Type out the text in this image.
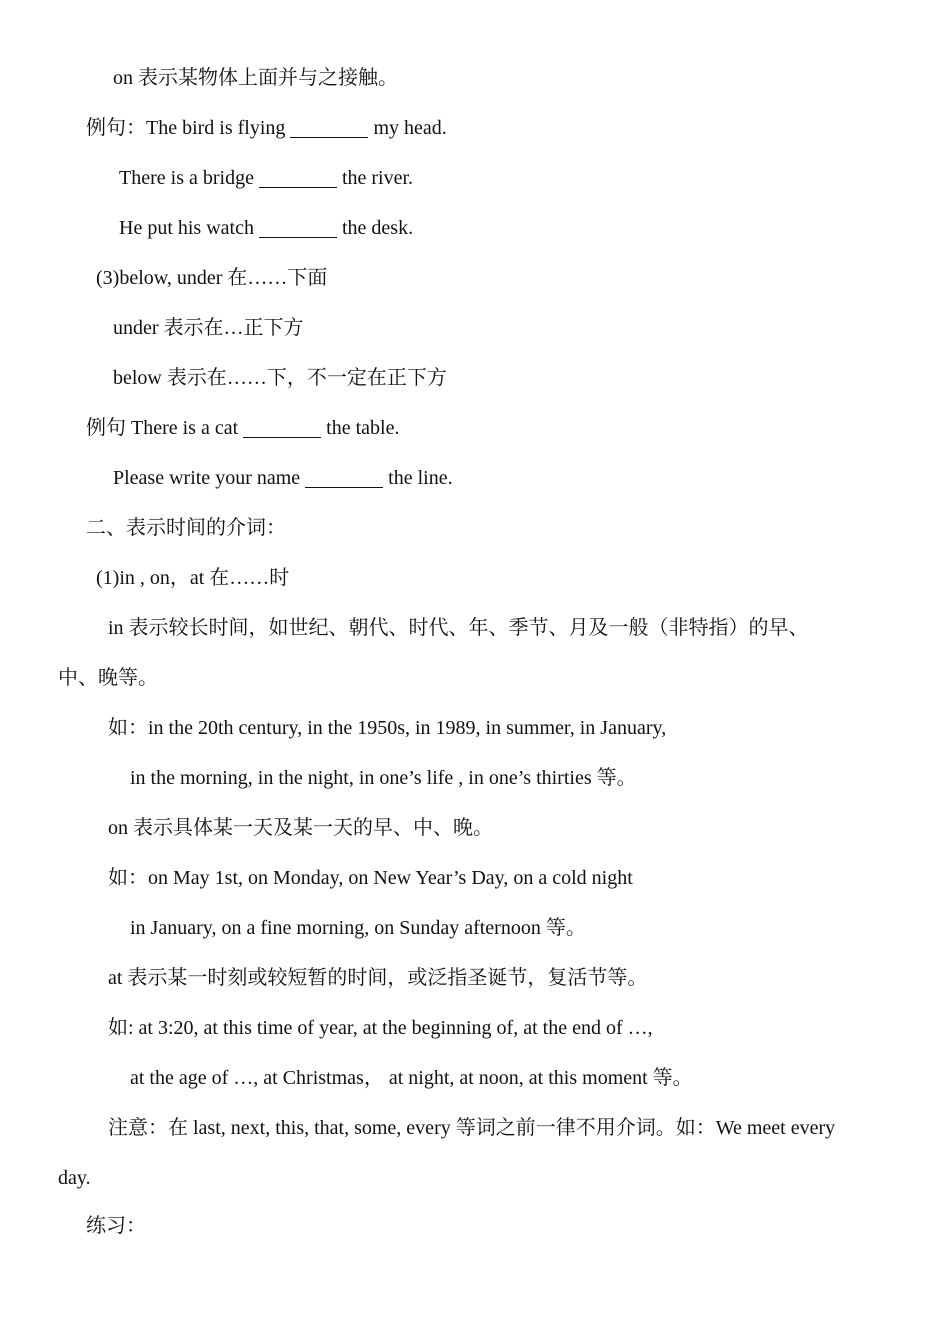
on 表示某物体上面并与之接触。
例句：The bird is flying	my head.
There is a bridge	the river.
He put his watch	the desk.
(3)below, under 在……下面
under 表示在…正下方
below 表示在……下，不一定在正下方
例句 There is a cat	the table.
Please write your name	the line.
二、表示时间的介词：
(1)in , on，at 在……时
in 表示较长时间，如世纪、朝代、时代、年、季节、月及一般（非特指）的早、
中、晚等。
如：in the 20th century, in the 1950s, in 1989, in summer, in January,
in the morning, in the night, in one’s life , in one’s thirties 等。
on 表示具体某一天及某一天的早、中、晚。
如：on May 1st, on Monday, on New Year’s Day, on a cold night
in January, on a fine morning, on Sunday afternoon 等。
at 表示某一时刻或较短暂的时间，或泛指圣诞节，复活节等。
如: at 3:20, at this time of year, at the beginning of, at the end of …,
at the age of …, at Christmas， at night, at noon, at this moment 等。
注意：在 last, next, this, that, some, every 等词之前一律不用介词。如：We meet every
day.
练习：
